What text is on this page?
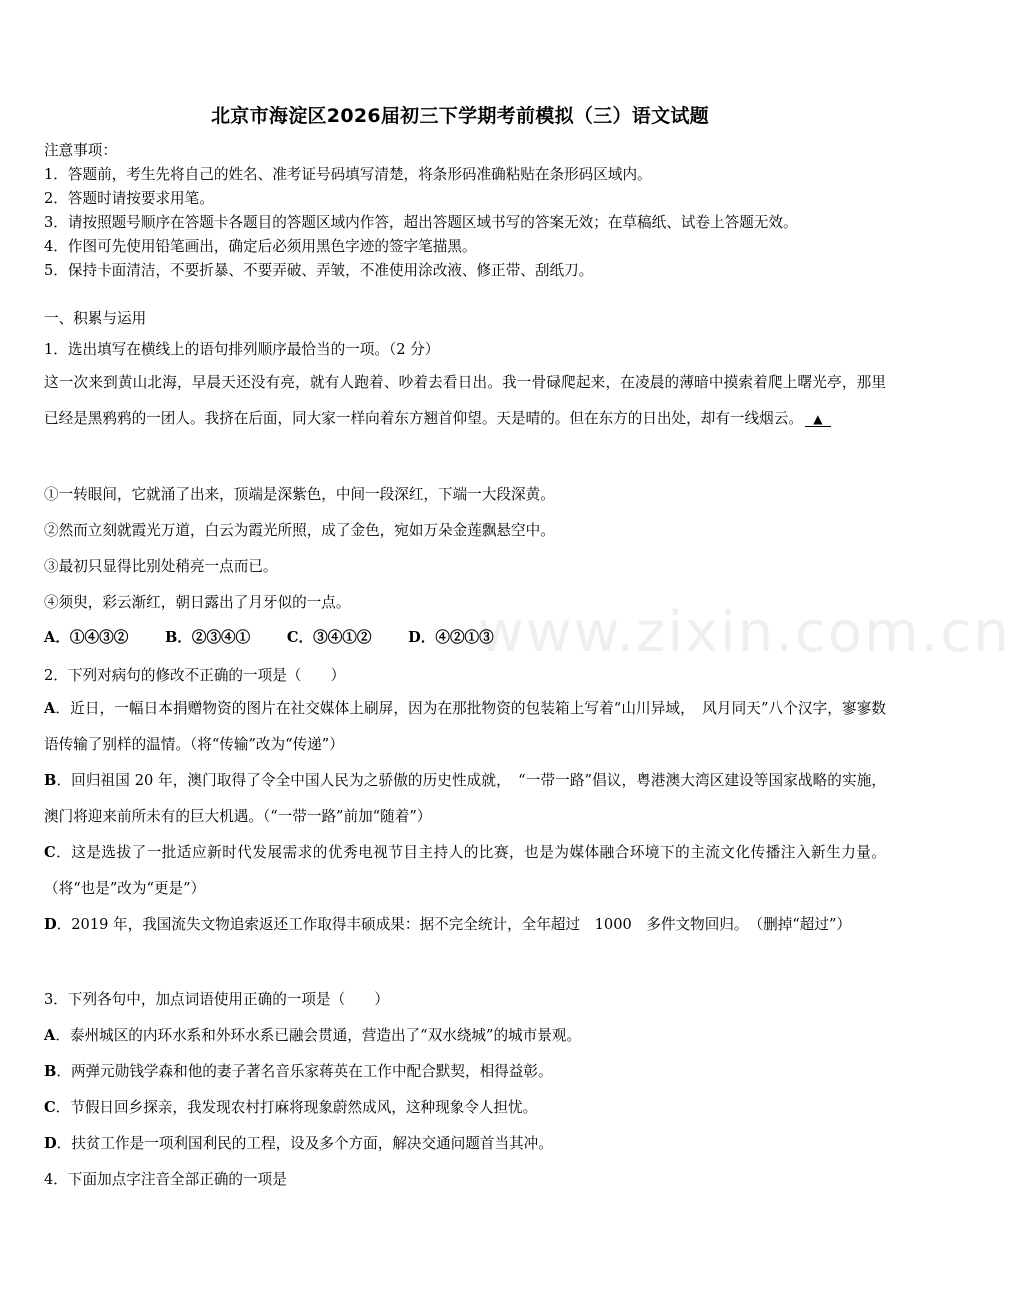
北京市海淀区2026届初三下学期考前模拟（三）语文试题
注意事项：
1．答题前，考生先将自己的姓名、准考证号码填写清楚，将条形码准确粘贴在条形码区域内。
2．答题时请按要求用笔。
3．请按照题号顺序在答题卡各题目的答题区域内作答，超出答题区域书写的答案无效；在草稿纸、试卷上答题无效。
4．作图可先使用铅笔画出，确定后必须用黑色字迹的签字笔描黑。
5．保持卡面清洁，不要折暴、不要弄破、弄皱，不准使用涂改液、修正带、刮纸刀。
一、积累与运用
1．选出填写在横线上的语句排列顺序最恰当的一项。（2 分）
这一次来到黄山北海，早晨天还没有亮，就有人跑着、吵着去看日出。我一骨碌爬起来，在凌晨的薄暗中摸索着爬上曙光亭，那里已经是黑鸦鸦的一团人。我挤在后面，同大家一样向着东方翘首仰望。天是晴的。但在东方的日出处，却有一线烟云。 ▲
①一转眼间，它就涌了出来，顶端是深紫色，中间一段深红，下端一大段深黄。
②然而立刻就霞光万道，白云为霞光所照，成了金色，宛如万朵金莲飘悬空中。
③最初只显得比别处稍亮一点而已。
④须臾，彩云渐红，朝日露出了月牙似的一点。
A．①④③②	B．②③④①	C．③④①②	D．④②①③
2．下列对病句的修改不正确的一项是（　　）
A．近日，一幅日本捐赠物资的图片在社交媒体上刷屏，因为在那批物资的包装箱上写着“山川异域，　风月同天”八个汉字，寥寥数语传输了别样的温情。（将“传输”改为“传递”）
B．回归祖国 20 年，澳门取得了令全中国人民为之骄傲的历史性成就，　“一带一路”倡议，粤港澳大湾区建设等国家战略的实施，澳门将迎来前所未有的巨大机遇。（“一带一路”前加“随着”）
C．这是选拔了一批适应新时代发展需求的优秀电视节目主持人的比赛，也是为媒体融合环境下的主流文化传播注入新生力量。（将“也是”改为“更是”）
D．2019 年，我国流失文物追索返还工作取得丰硕成果：据不完全统计，全年超过　1000　多件文物回归。　（删掉“超过”）
3．下列各句中，加点词语使用正确的一项是（　　）
A．泰州城区的内环水系和外环水系已融会贯通，营造出了“双水绕城”的城市景观。
B．两弹元勋钱学森和他的妻子著名音乐家蒋英在工作中配合默契，相得益彰。
C．节假日回乡探亲，我发现农村打麻将现象蔚然成风，这种现象令人担忧。
D．扶贫工作是一项利国利民的工程，设及多个方面，解决交通问题首当其冲。
4．下面加点字注音全部正确的一项是
www.zixin.com.cn
